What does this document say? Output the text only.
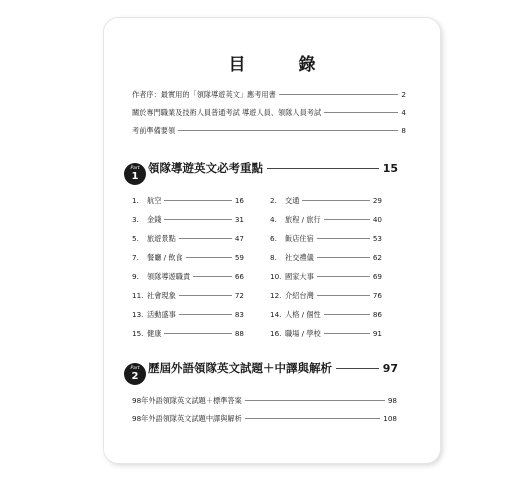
目　錄
作者序：最實用的「領隊導遊英文」應考用書	2
關於專門職業及技術人員普通考試 導遊人員、領隊人員考試	4
考前準備要領	8
Part
1
領隊導遊英文必考重點	15
1.	航空	16	2.	交通	29
3.	金錢	31	4.	旅程 / 旅行	40
5.	旅遊景點	47	6.	飯店住宿	53
7.	餐廳 / 飲食	59	8.	社交禮儀	62
9.	領隊導遊職責	66	10. 國家大事	69
11. 社會現象	72	12. 介紹台灣	76
13. 活動盛事	83	14. 人格 / 個性	86
15. 健康	88	16. 職場 / 學校	91
Part
2
歷屆外語領隊英文試題＋中譯與解析	97
98年外語領隊英文試題＋標準答案	98
98年外語領隊英文試題中譯與解析	108
